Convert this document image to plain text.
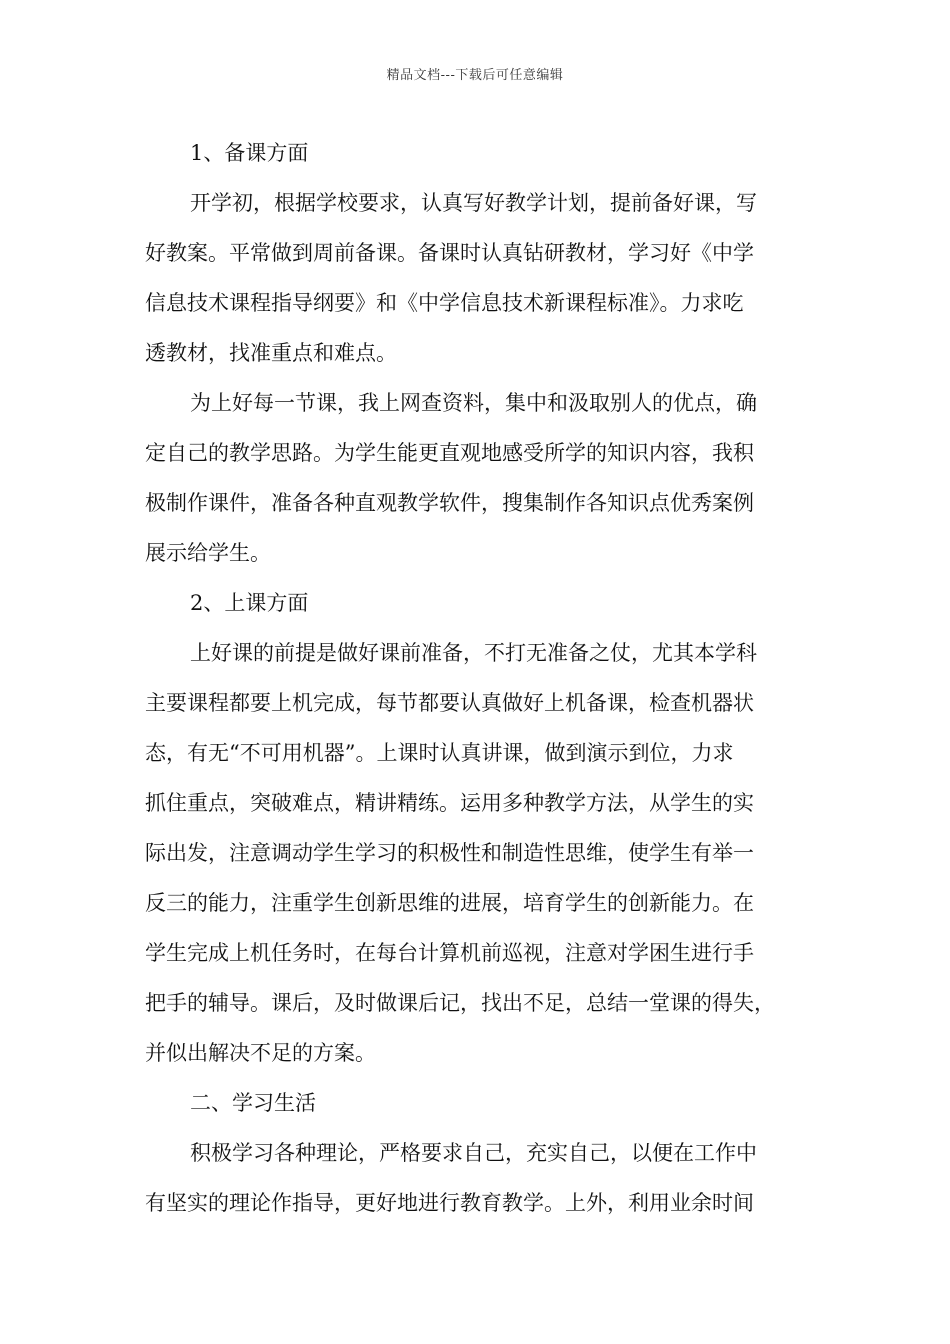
精品文档---下载后可任意编辑
1、备课方面
开学初，根据学校要求，认真写好教学计划，提前备好课，写
好教案。平常做到周前备课。备课时认真钻研教材，学习好《中学
信息技术课程指导纲要》和《中学信息技术新课程标准》。力求吃
透教材，找准重点和难点。
为上好每一节课，我上网查资料，集中和汲取别人的优点，确
定自己的教学思路。为学生能更直观地感受所学的知识内容，我积
极制作课件，准备各种直观教学软件，搜集制作各知识点优秀案例
展示给学生。
2、上课方面
上好课的前提是做好课前准备，不打无准备之仗，尤其本学科
主要课程都要上机完成，每节都要认真做好上机备课，检查机器状
态，有无“不可用机器”。上课时认真讲课，做到演示到位，力求
抓住重点，突破难点，精讲精练。运用多种教学方法，从学生的实
际出发，注意调动学生学习的积极性和制造性思维，使学生有举一
反三的能力，注重学生创新思维的进展，培育学生的创新能力。在
学生完成上机任务时，在每台计算机前巡视，注意对学困生进行手
把手的辅导。课后，及时做课后记，找出不足，总结一堂课的得失，
并似出解决不足的方案。
二、学习生活
积极学习各种理论，严格要求自己，充实自己，以便在工作中
有坚实的理论作指导，更好地进行教育教学。上外，利用业余时间
